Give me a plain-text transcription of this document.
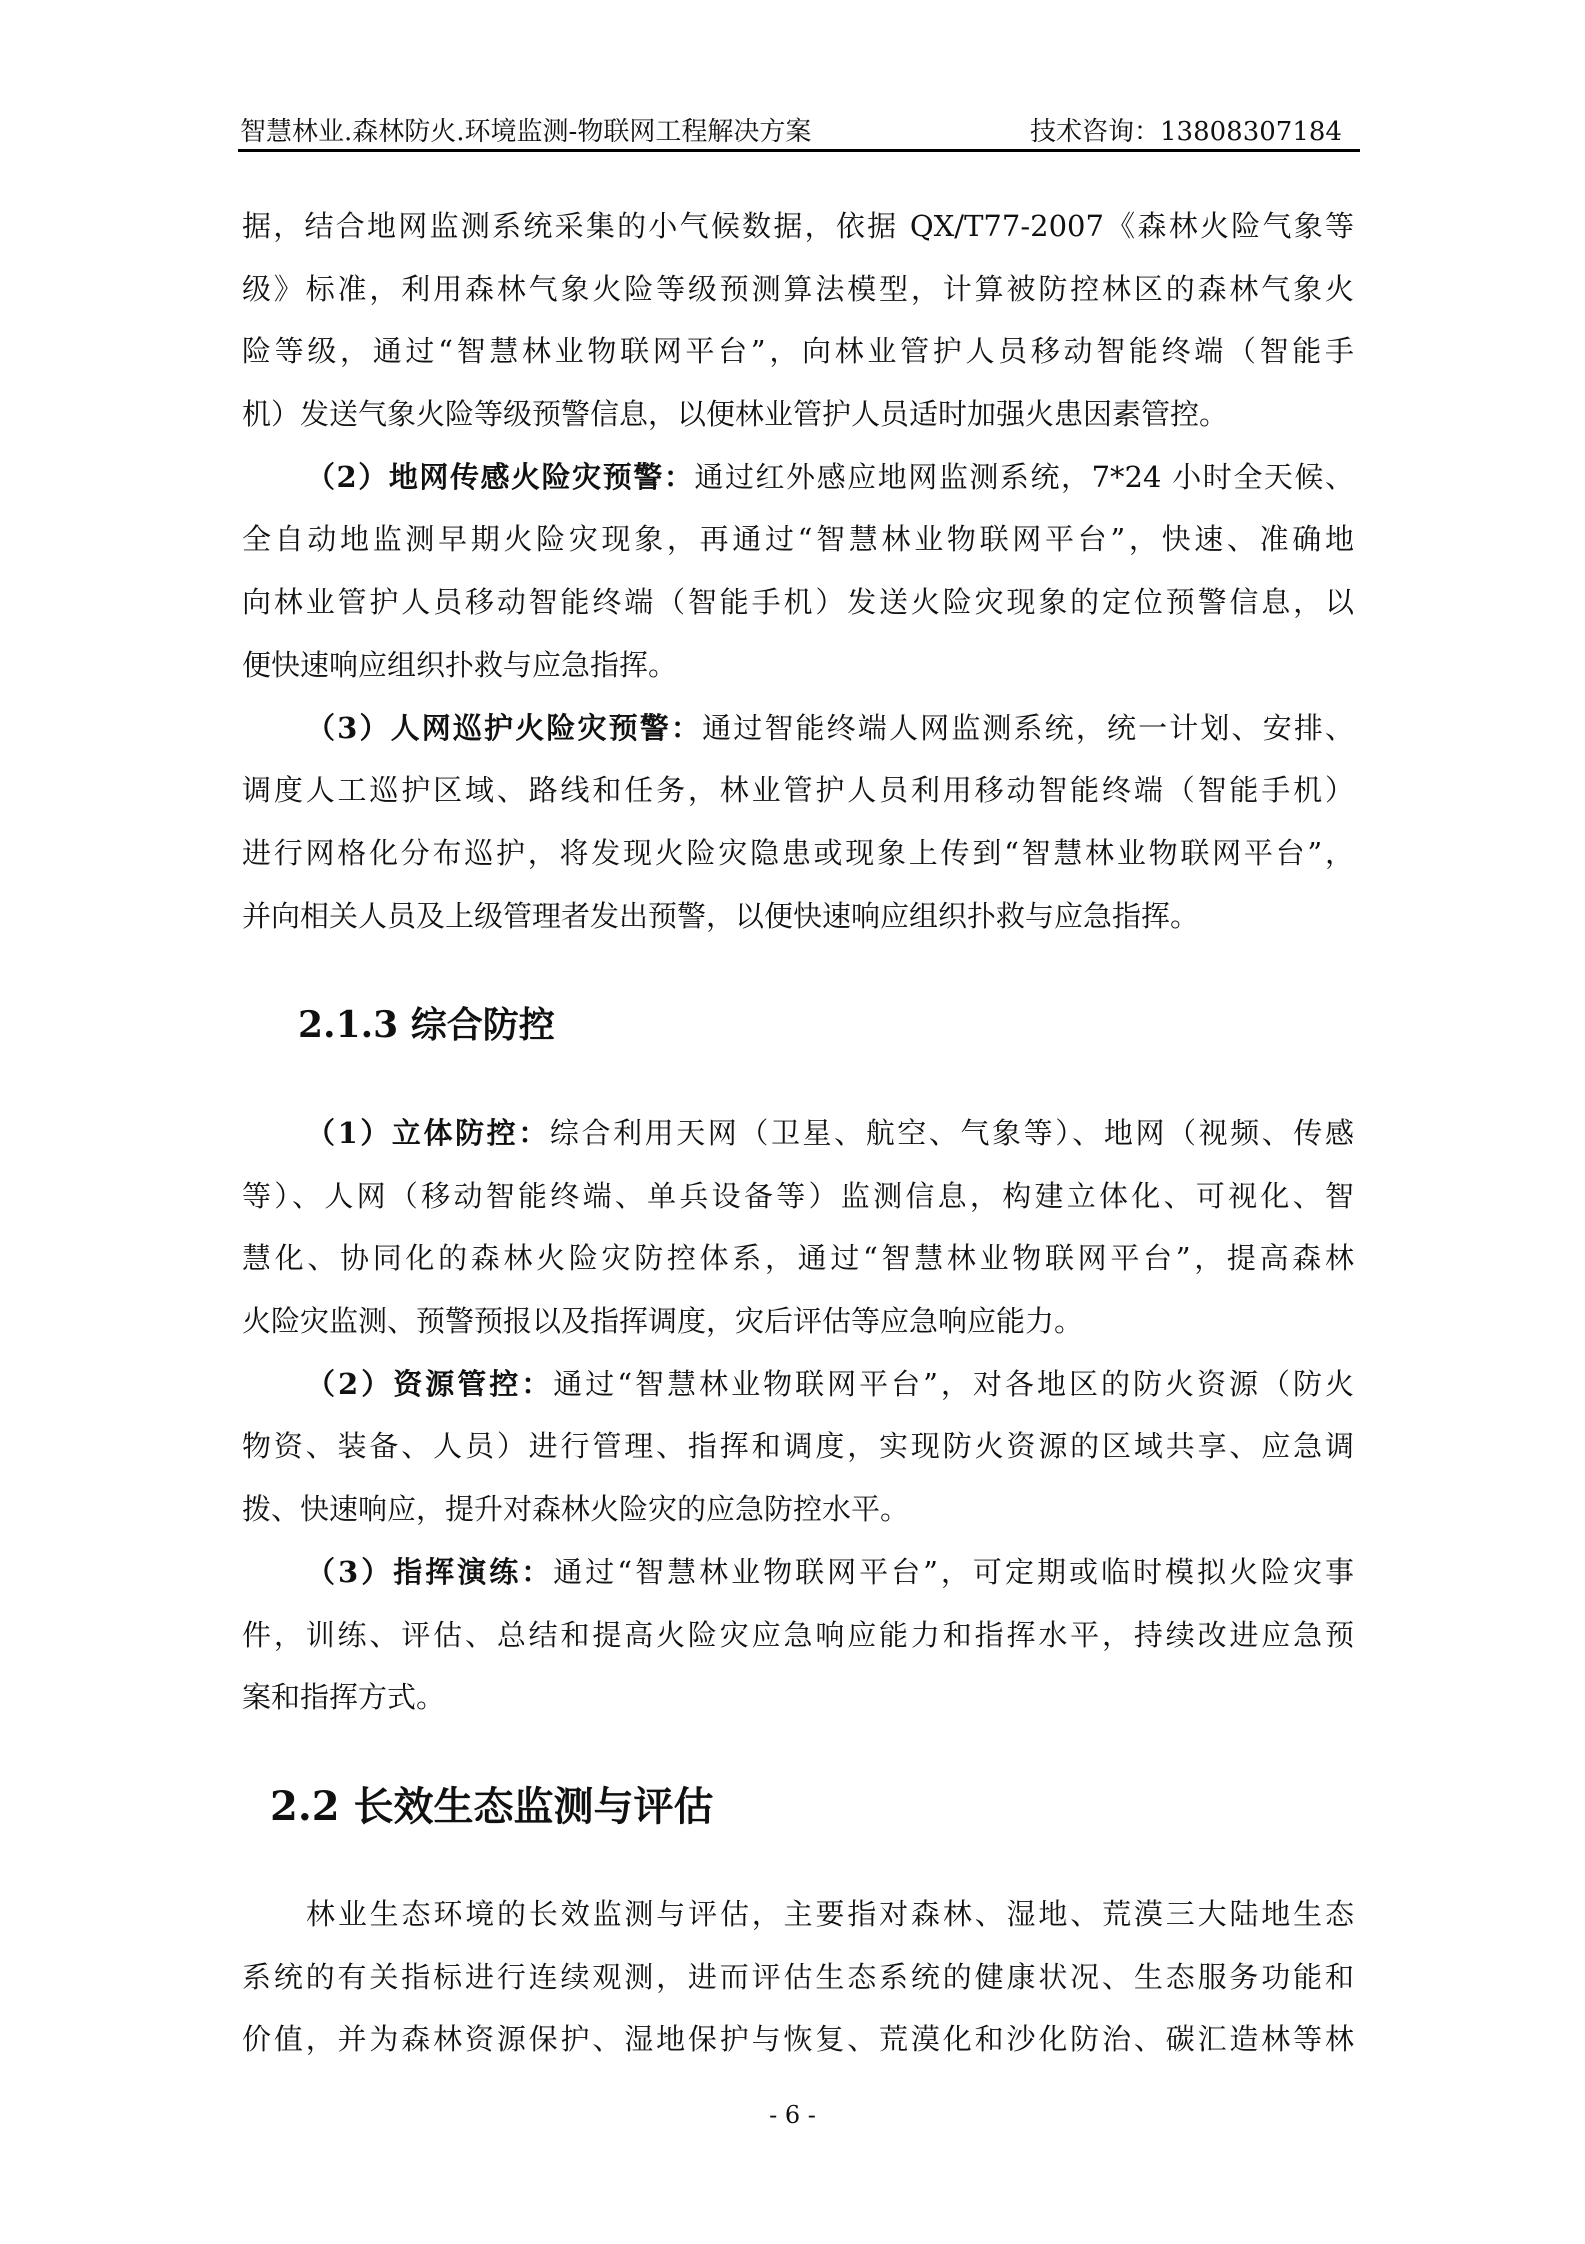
智慧林业.森林防火.环境监测-物联网工程解决方案	技术咨询：13808307184
据，结合地网监测系统采集的小气候数据，依据 QX/T77-2007《森林火险气象等
级》标准，利用森林气象火险等级预测算法模型，计算被防控林区的森林气象火
险等级，通过“智慧林业物联网平台”，向林业管护人员移动智能终端（智能手
机）发送气象火险等级预警信息，以便林业管护人员适时加强火患因素管控。
（2）地网传感火险灾预警：通过红外感应地网监测系统，7*24 小时全天候、
全自动地监测早期火险灾现象，再通过“智慧林业物联网平台”，快速、准确地
向林业管护人员移动智能终端（智能手机）发送火险灾现象的定位预警信息，以
便快速响应组织扑救与应急指挥。
（3）人网巡护火险灾预警：通过智能终端人网监测系统，统一计划、安排、
调度人工巡护区域、路线和任务，林业管护人员利用移动智能终端（智能手机）
进行网格化分布巡护，将发现火险灾隐患或现象上传到“智慧林业物联网平台”，
并向相关人员及上级管理者发出预警，以便快速响应组织扑救与应急指挥。
2.1.3 综合防控
（1）立体防控：综合利用天网（卫星、航空、气象等）、地网（视频、传感
等）、人网（移动智能终端、单兵设备等）监测信息，构建立体化、可视化、智
慧化、协同化的森林火险灾防控体系，通过“智慧林业物联网平台”，提高森林
火险灾监测、预警预报以及指挥调度，灾后评估等应急响应能力。
（2）资源管控：通过“智慧林业物联网平台”，对各地区的防火资源（防火
物资、装备、人员）进行管理、指挥和调度，实现防火资源的区域共享、应急调
拨、快速响应，提升对森林火险灾的应急防控水平。
（3）指挥演练：通过“智慧林业物联网平台”，可定期或临时模拟火险灾事
件，训练、评估、总结和提高火险灾应急响应能力和指挥水平，持续改进应急预
案和指挥方式。
2.2 长效生态监测与评估
林业生态环境的长效监测与评估，主要指对森林、湿地、荒漠三大陆地生态
系统的有关指标进行连续观测，进而评估生态系统的健康状况、生态服务功能和
价值，并为森林资源保护、湿地保护与恢复、荒漠化和沙化防治、碳汇造林等林
- 6 -
